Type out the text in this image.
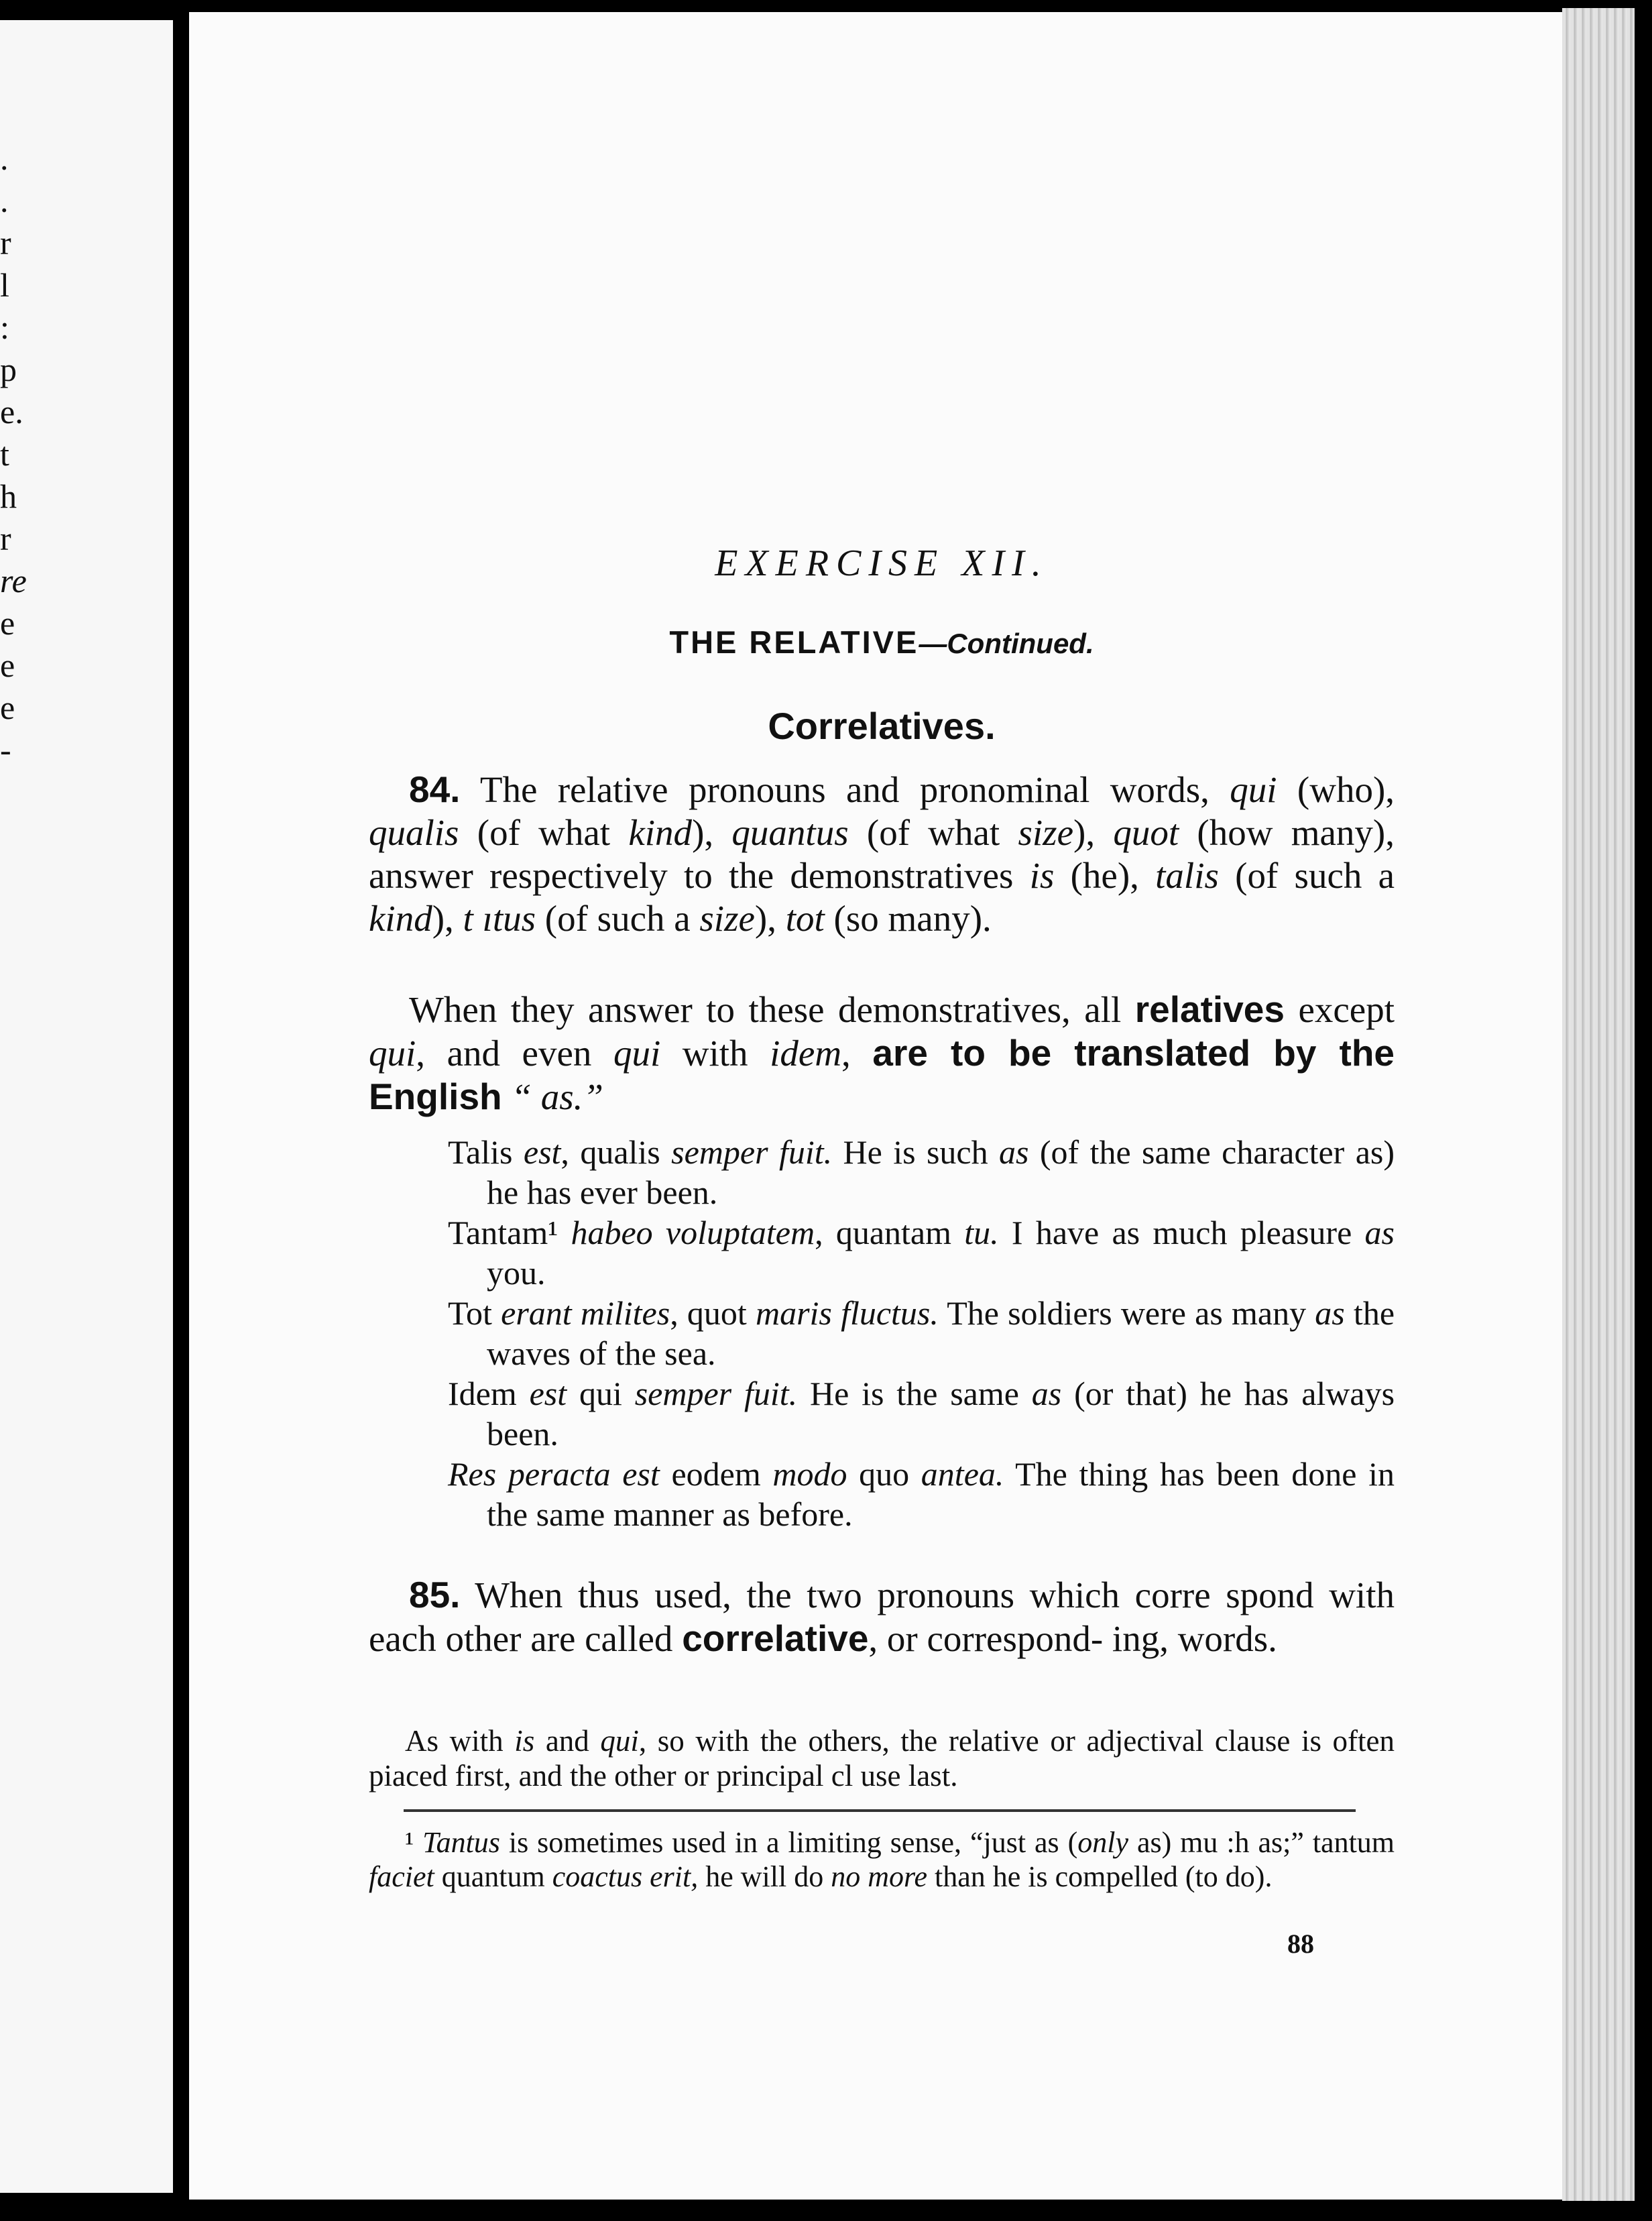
.
.
r
l
:
p
e.
t
h
r
re
e
e
e
-
EXERCISE XII.
THE RELATIVE—Continued.
Correlatives.
84. The relative pronouns and pronominal words, qui (who), qualis (of what kind), quantus (of what size), quot (how many), answer respectively to the demonstratives is (he), talis (of such a kind), t ıtus (of such a size), tot (so many).
When they answer to these demonstratives, all relatives except qui, and even qui with idem, are to be translated by the English “ as.”
Talis est, qualis semper fuit. He is such as (of the same character as) he has ever been.
Tantam¹ habeo voluptatem, quantam tu. I have as much pleasure as you.
Tot erant milites, quot maris fluctus. The soldiers were as many as the waves of the sea.
Idem est qui semper fuit. He is the same as (or that) he has always been.
Res peracta est eodem modo quo antea. The thing has been done in the same manner as before.
85. When thus used, the two pronouns which corre spond with each other are called correlative, or correspond- ing, words.
As with is and qui, so with the others, the relative or adjectival clause is often piaced first, and the other or principal cl use last.
¹ Tantus is sometimes used in a limiting sense, “just as (only as) mu :h as;” tantum faciet quantum coactus erit, he will do no more than he is compelled (to do).
88
